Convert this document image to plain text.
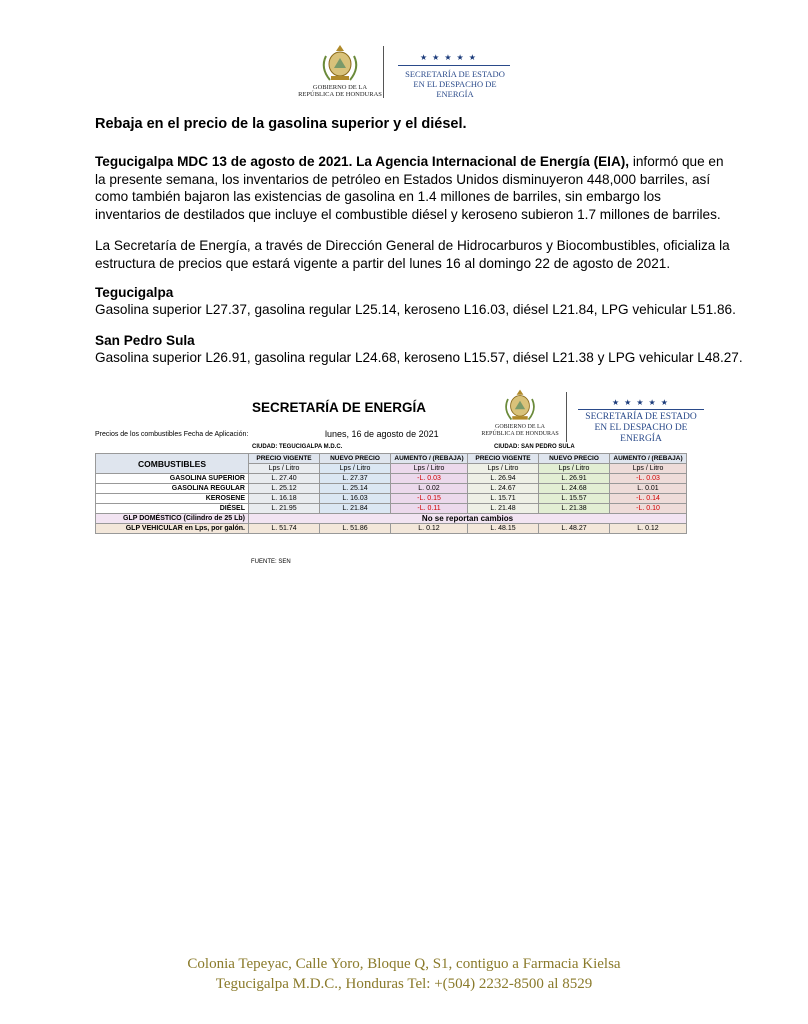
GOBIERNO DE LA
REPÚBLICA DE HONDURAS
★★★★★
SECRETARÍA DE ESTADO
EN EL DESPACHO DE ENERGÍA
Rebaja en el precio de la gasolina superior y el diésel.
Tegucigalpa MDC 13 de agosto de 2021. La Agencia Internacional de Energía (EIA), informó que en la presente semana, los inventarios de petróleo en Estados Unidos disminuyeron 448,000 barriles, así como también bajaron las existencias de gasolina en 1.4 millones de barriles, sin embargo los inventarios de destilados que incluye el combustible diésel y keroseno subieron 1.7 millones de barriles.
La Secretaría de Energía, a través de Dirección General de Hidrocarburos y Biocombustibles, oficializa la estructura de precios que estará vigente a partir del lunes 16 al domingo 22 de agosto de 2021.
Tegucigalpa
Gasolina superior L27.37, gasolina regular L25.14, keroseno L16.03, diésel L21.84, LPG vehicular L51.86.
San Pedro Sula
Gasolina superior L26.91, gasolina regular L24.68, keroseno L15.57, diésel L21.38 y LPG vehicular L48.27.
SECRETARÍA DE ENERGÍA
GOBIERNO DE LA
REPÚBLICA DE HONDURAS
★★★★★
SECRETARÍA DE ESTADO
EN EL DESPACHO DE ENERGÍA
Precios de los combustibles Fecha de Aplicación:	lunes, 16 de agosto de 2021
CIUDAD: TEGUCIGALPA M.D.C.	CIUDAD: SAN PEDRO SULA
COMBUSTIBLES	PRECIO VIGENTE	NUEVO PRECIO	AUMENTO / (REBAJA)	PRECIO VIGENTE	NUEVO PRECIO	AUMENTO / (REBAJA)
	Lps / Litro	Lps / Litro	Lps / Litro	Lps / Litro	Lps / Litro	Lps / Litro
GASOLINA SUPERIOR	L. 27.40	L. 27.37	-L. 0.03	L. 26.94	L. 26.91	-L. 0.03
GASOLINA REGULAR	L. 25.12	L. 25.14	L. 0.02	L. 24.67	L. 24.68	L. 0.01
KEROSENE	L. 16.18	L. 16.03	-L. 0.15	L. 15.71	L. 15.57	-L. 0.14
DIÉSEL	L. 21.95	L. 21.84	-L. 0.11	L. 21.48	L. 21.38	-L. 0.10
GLP DOMÉSTICO (Cilindro de 25 Lb)	No se reportan cambios					
GLP VEHICULAR en Lps, por galón.	L. 51.74	L. 51.86	L. 0.12	L. 48.15	L. 48.27	L. 0.12
FUENTE: SEN
Colonia Tepeyac, Calle Yoro, Bloque Q, S1, contiguo a Farmacia Kielsa
Tegucigalpa M.D.C., Honduras Tel: +(504) 2232-8500 al 8529
